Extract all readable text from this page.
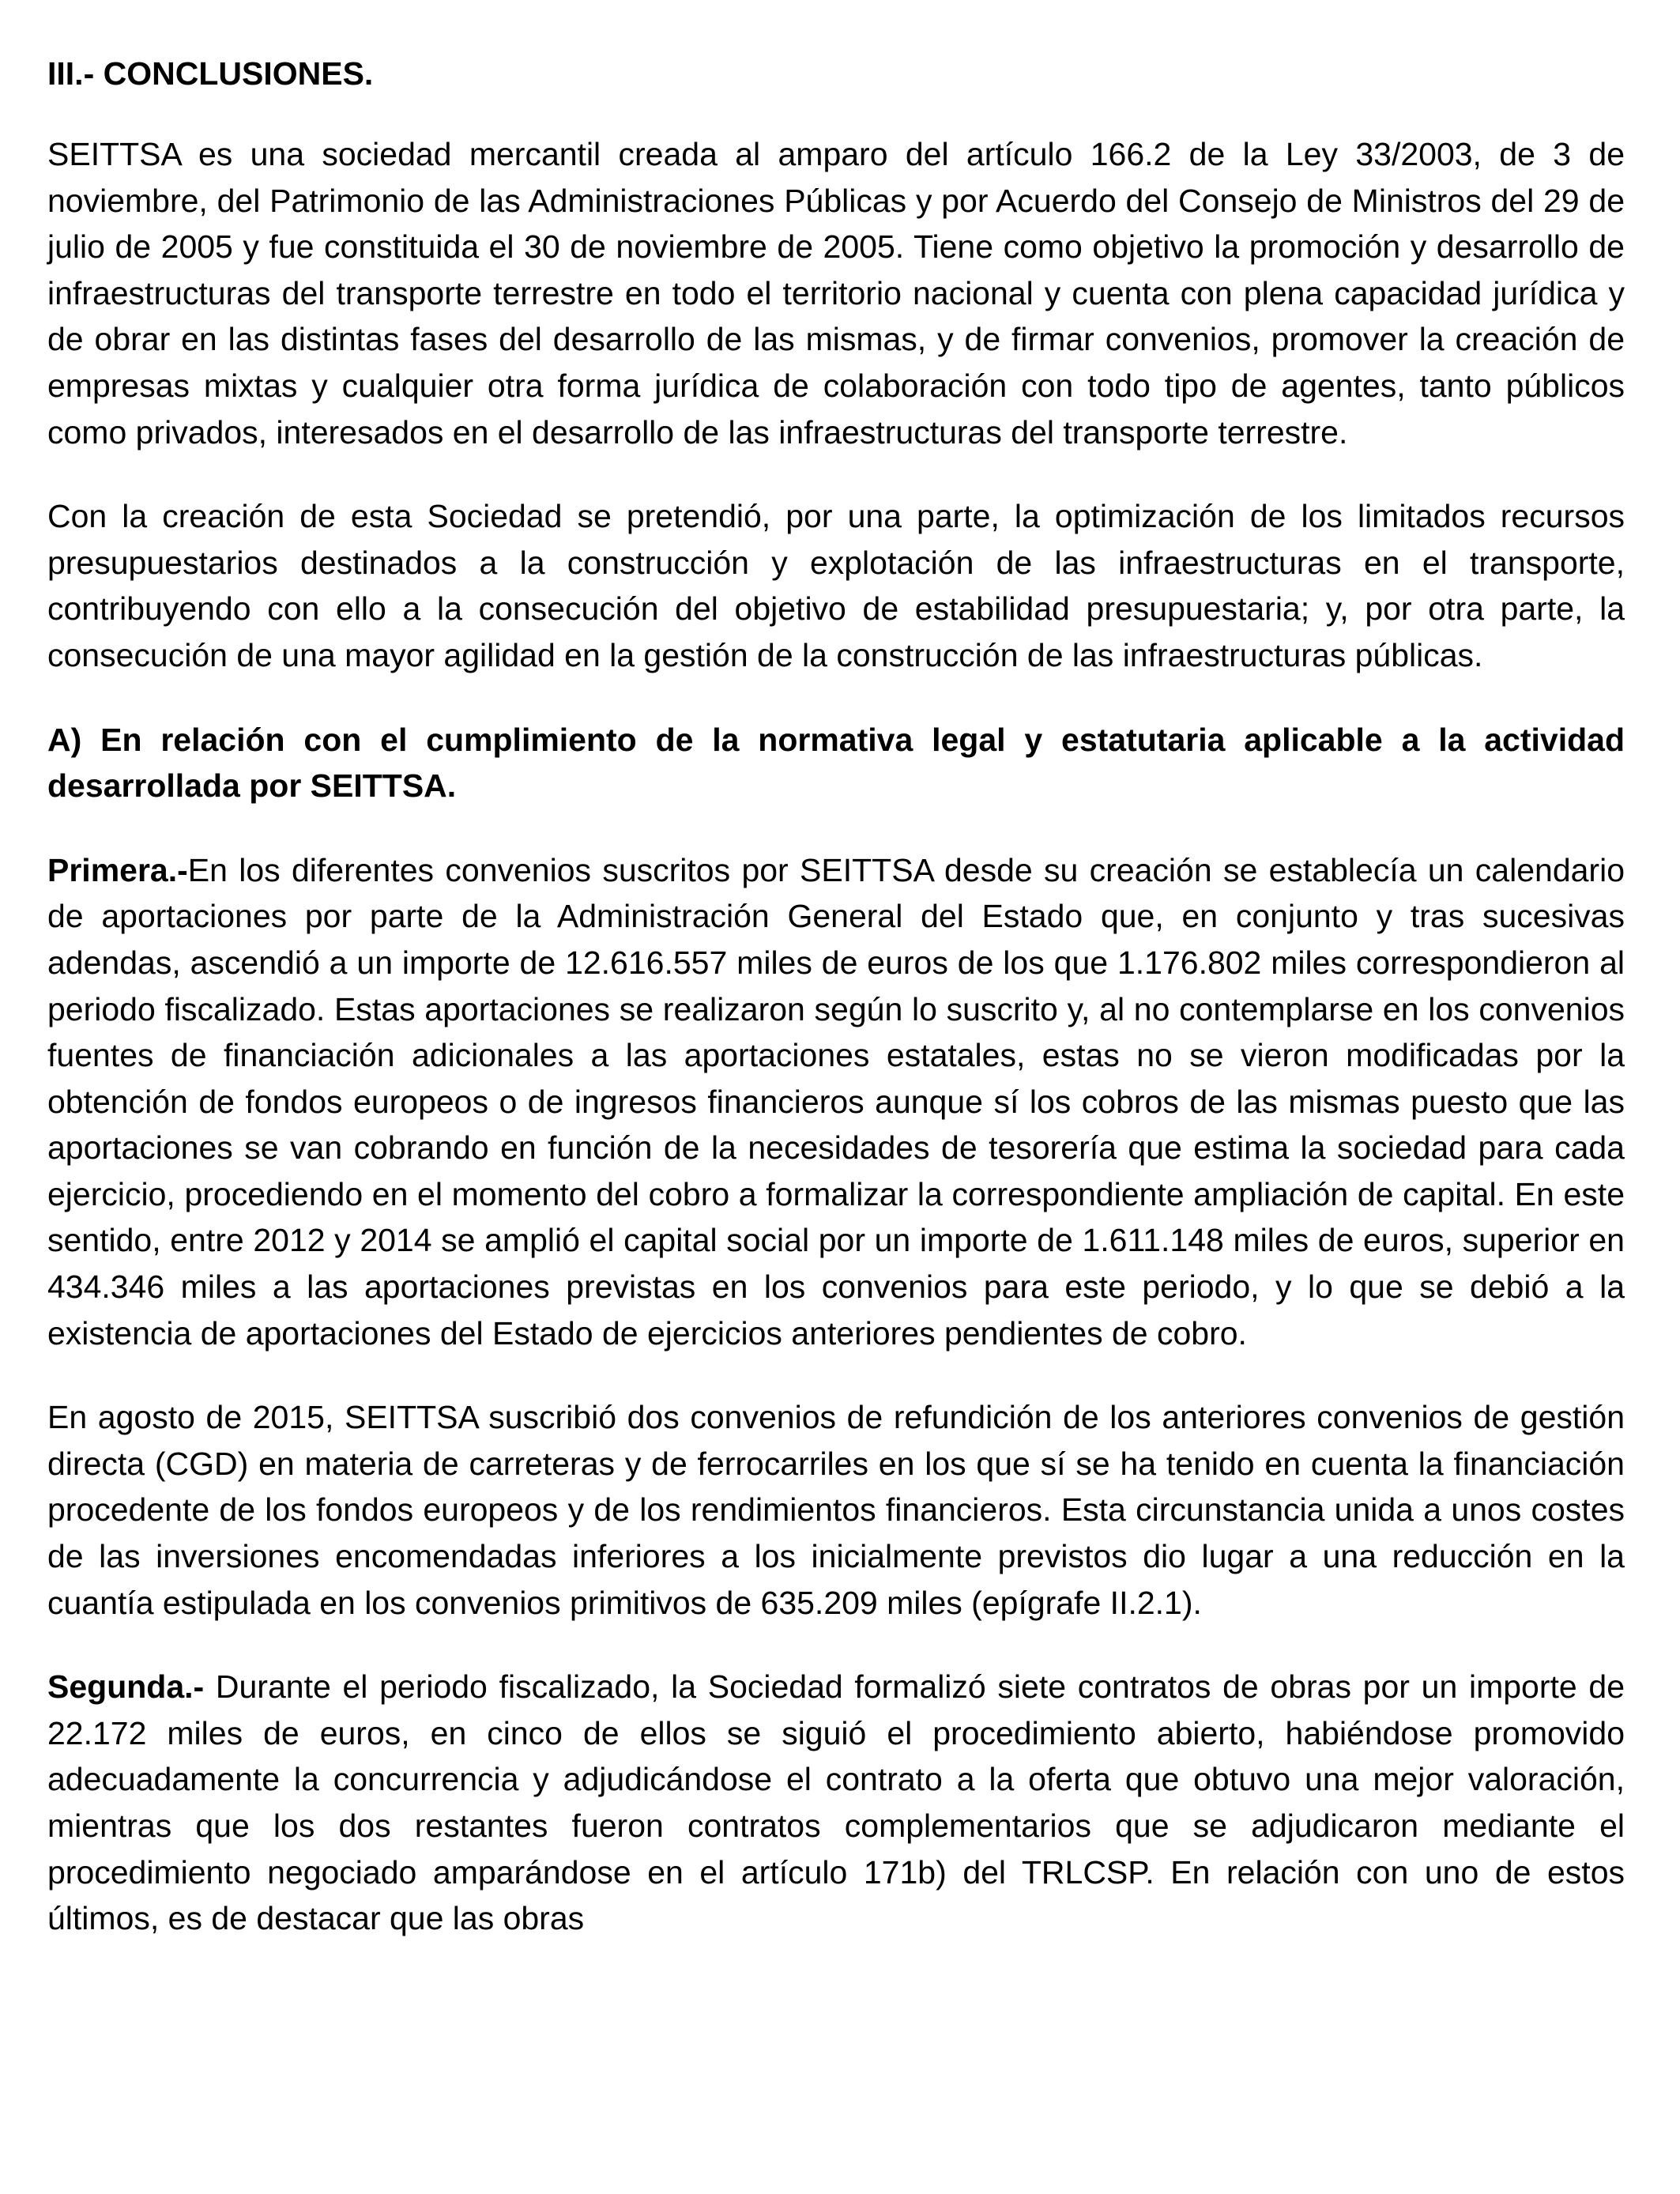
III.- CONCLUSIONES.

SEITTSA es una sociedad mercantil creada al amparo del artículo 166.2 de la Ley 33/2003, de 3 de noviembre, del Patrimonio de las Administraciones Públicas y por Acuerdo del Consejo de Ministros del 29 de julio de 2005 y fue constituida el 30 de noviembre de 2005. Tiene como objetivo la promoción y desarrollo de infraestructuras del transporte terrestre en todo el territorio nacional y cuenta con plena capacidad jurídica y de obrar en las distintas fases del desarrollo de las mismas, y de firmar convenios, promover la creación de empresas mixtas y cualquier otra forma jurídica de colaboración con todo tipo de agentes, tanto públicos como privados, interesados en el desarrollo de las infraestructuras del transporte terrestre.

Con la creación de esta Sociedad se pretendió, por una parte, la optimización de los limitados recursos presupuestarios destinados a la construcción y explotación de las infraestructuras en el transporte, contribuyendo con ello a la consecución del objetivo de estabilidad presupuestaria; y, por otra parte, la consecución de una mayor agilidad en la gestión de la construcción de las infraestructuras públicas.

A) En relación con el cumplimiento de la normativa legal y estatutaria aplicable a la actividad desarrollada por SEITTSA.

Primera.-En los diferentes convenios suscritos por SEITTSA desde su creación se establecía un calendario de aportaciones por parte de la Administración General del Estado que, en conjunto y tras sucesivas adendas, ascendió a un importe de 12.616.557 miles de euros de los que 1.176.802 miles correspondieron al periodo fiscalizado. Estas aportaciones se realizaron según lo suscrito y, al no contemplarse en los convenios fuentes de financiación adicionales a las aportaciones estatales, estas no se vieron modificadas por la obtención de fondos europeos o de ingresos financieros aunque sí los cobros de las mismas puesto que las aportaciones se van cobrando en función de la necesidades de tesorería que estima la sociedad para cada ejercicio, procediendo en el momento del cobro a formalizar la correspondiente ampliación de capital. En este sentido, entre 2012 y 2014 se amplió el capital social por un importe de 1.611.148 miles de euros, superior en 434.346 miles a las aportaciones previstas en los convenios para este periodo, y lo que se debió a la existencia de aportaciones del Estado de ejercicios anteriores pendientes de cobro.

En agosto de 2015, SEITTSA suscribió dos convenios de refundición de los anteriores convenios de gestión directa (CGD) en materia de carreteras y de ferrocarriles en los que sí se ha tenido en cuenta la financiación procedente de los fondos europeos y de los rendimientos financieros. Esta circunstancia unida a unos costes de las inversiones encomendadas inferiores a los inicialmente previstos dio lugar a una reducción en la cuantía estipulada en los convenios primitivos de 635.209 miles (epígrafe II.2.1).

Segunda.- Durante el periodo fiscalizado, la Sociedad formalizó siete contratos de obras por un importe de 22.172 miles de euros, en cinco de ellos se siguió el procedimiento abierto, habiéndose promovido adecuadamente la concurrencia y adjudicándose el contrato a la oferta que obtuvo una mejor valoración, mientras que los dos restantes fueron contratos complementarios que se adjudicaron mediante el procedimiento negociado amparándose en el artículo 171b) del TRLCSP. En relación con uno de estos últimos, es de destacar que las obras
